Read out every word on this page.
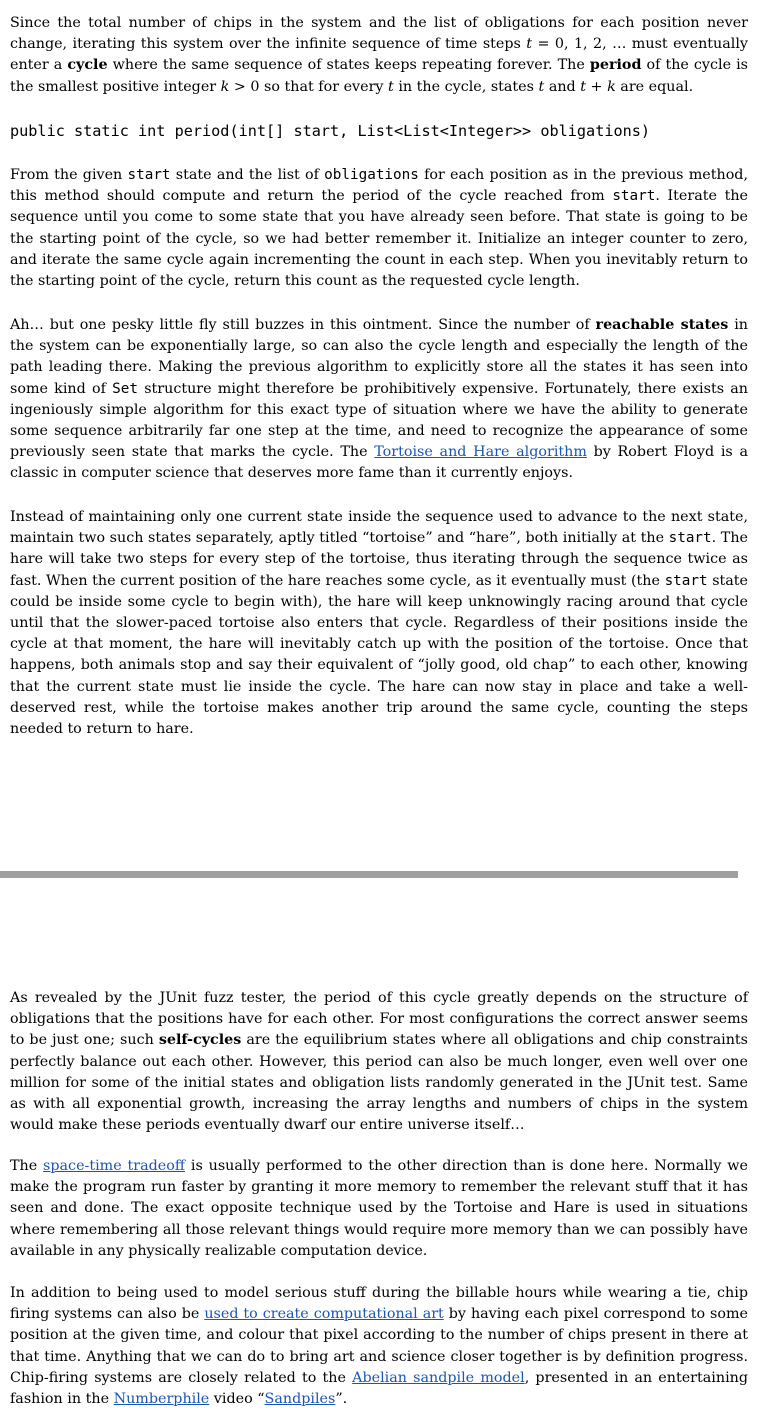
Since the total number of chips in the system and the list of obligations for each position never change, iterating this system over the infinite sequence of time steps t = 0, 1, 2, … must eventually enter a cycle where the same sequence of states keeps repeating forever. The period of the cycle is the smallest positive integer k > 0 so that for every t in the cycle, states t and t + k are equal.

public static int period(int[] start, List<List<Integer>> obligations)

From the given start state and the list of obligations for each position as in the previous method, this method should compute and return the period of the cycle reached from start. Iterate the sequence until you come to some state that you have already seen before. That state is going to be the starting point of the cycle, so we had better remember it. Initialize an integer counter to zero, and iterate the same cycle again incrementing the count in each step. When you inevitably return to the starting point of the cycle, return this count as the requested cycle length.

Ah… but one pesky little fly still buzzes in this ointment. Since the number of reachable states in the system can be exponentially large, so can also the cycle length and especially the length of the path leading there. Making the previous algorithm to explicitly store all the states it has seen into some kind of Set structure might therefore be prohibitively expensive. Fortunately, there exists an ingeniously simple algorithm for this exact type of situation where we have the ability to generate some sequence arbitrarily far one step at the time, and need to recognize the appearance of some previously seen state that marks the cycle. The Tortoise and Hare algorithm by Robert Floyd is a classic in computer science that deserves more fame than it currently enjoys.

Instead of maintaining only one current state inside the sequence used to advance to the next state, maintain two such states separately, aptly titled “tortoise” and “hare”, both initially at the start. The hare will take two steps for every step of the tortoise, thus iterating through the sequence twice as fast. When the current position of the hare reaches some cycle, as it eventually must (the start state could be inside some cycle to begin with), the hare will keep unknowingly racing around that cycle until that the slower-paced tortoise also enters that cycle. Regardless of their positions inside the cycle at that moment, the hare will inevitably catch up with the position of the tortoise. Once that happens, both animals stop and say their equivalent of “jolly good, old chap” to each other, knowing that the current state must lie inside the cycle. The hare can now stay in place and take a well-deserved rest, while the tortoise makes another trip around the same cycle, counting the steps needed to return to hare.

As revealed by the JUnit fuzz tester, the period of this cycle greatly depends on the structure of obligations that the positions have for each other. For most configurations the correct answer seems to be just one; such self-cycles are the equilibrium states where all obligations and chip constraints perfectly balance out each other. However, this period can also be much longer, even well over one million for some of the initial states and obligation lists randomly generated in the JUnit test. Same as with all exponential growth, increasing the array lengths and numbers of chips in the system would make these periods eventually dwarf our entire universe itself…

The space-time tradeoff is usually performed to the other direction than is done here. Normally we make the program run faster by granting it more memory to remember the relevant stuff that it has seen and done. The exact opposite technique used by the Tortoise and Hare is used in situations where remembering all those relevant things would require more memory than we can possibly have available in any physically realizable computation device.

In addition to being used to model serious stuff during the billable hours while wearing a tie, chip firing systems can also be used to create computational art by having each pixel correspond to some position at the given time, and colour that pixel according to the number of chips present in there at that time. Anything that we can do to bring art and science closer together is by definition progress. Chip-firing systems are closely related to the Abelian sandpile model, presented in an entertaining fashion in the Numberphile video “Sandpiles”.
